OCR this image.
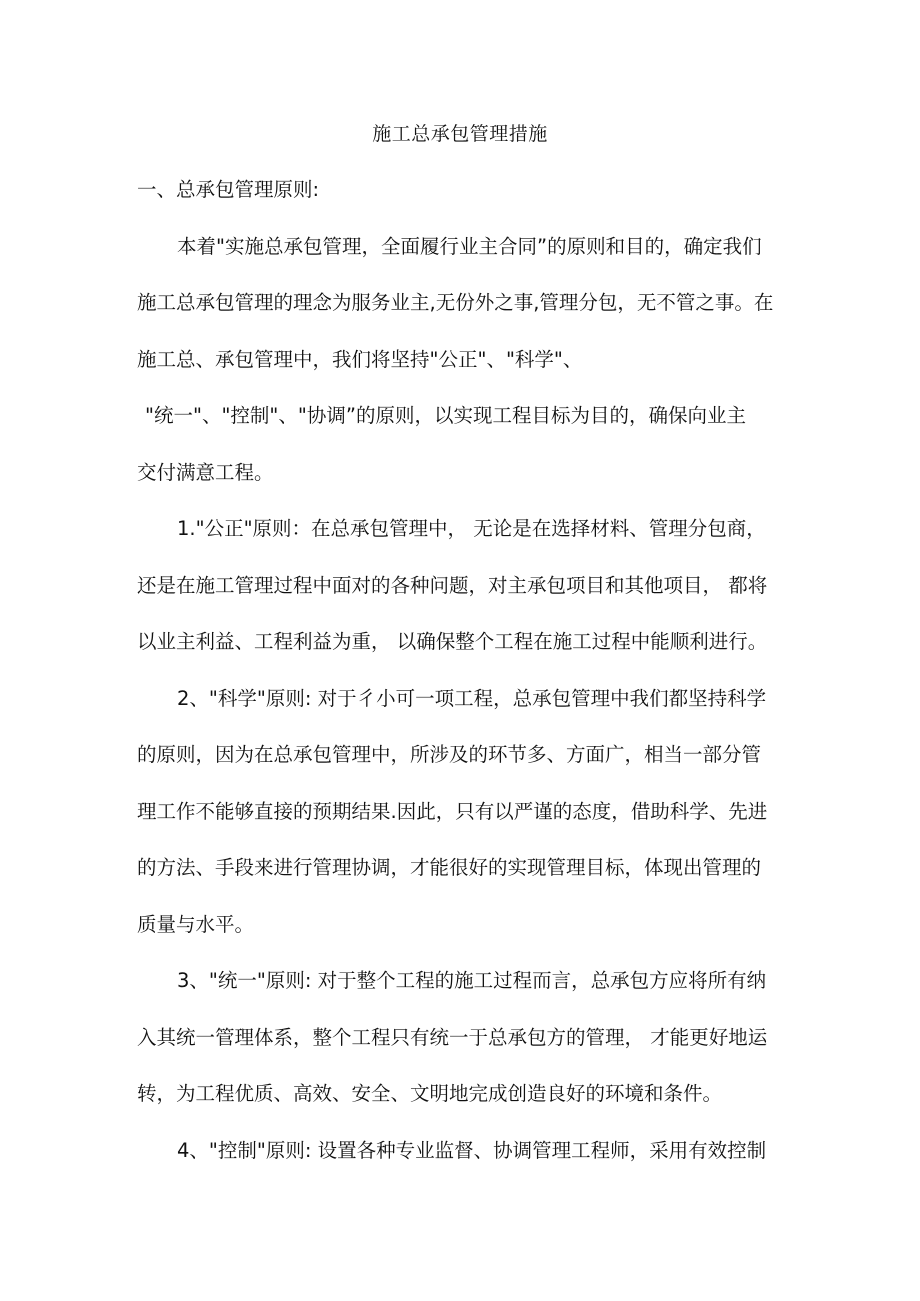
施工总承包管理措施

一、总承包管理原则:

本着"实施总承包管理，全面履行业主合同”的原则和目的，确定我们

施工总承包管理的理念为服务业主,无份外之事,管理分包，无不管之事。在

施工总、承包管理中，我们将坚持"公正"、"科学"、

"统一"、"控制"、"协调”的原则，以实现工程目标为目的，确保向业主

交付满意工程。

1."公正"原则：在总承包管理中， 无论是在选择材料、管理分包商，

还是在施工管理过程中面对的各种问题，对主承包项目和其他项目， 都将

以业主利益、工程利益为重， 以确保整个工程在施工过程中能顺利进行。

2、"科学"原则: 对于彳小可一项工程，总承包管理中我们都坚持科学

的原则，因为在总承包管理中，所涉及的环节多、方面广，相当一部分管

理工作不能够直接的预期结果.因此，只有以严谨的态度，借助科学、先进

的方法、手段来进行管理协调，才能很好的实现管理目标，体现出管理的

质量与水平。

3、"统一"原则: 对于整个工程的施工过程而言，总承包方应将所有纳

入其统一管理体系，整个工程只有统一于总承包方的管理， 才能更好地运

转，为工程优质、高效、安全、文明地完成创造良好的环境和条件。

4、"控制"原则: 设置各种专业监督、协调管理工程师，采用有效控制
